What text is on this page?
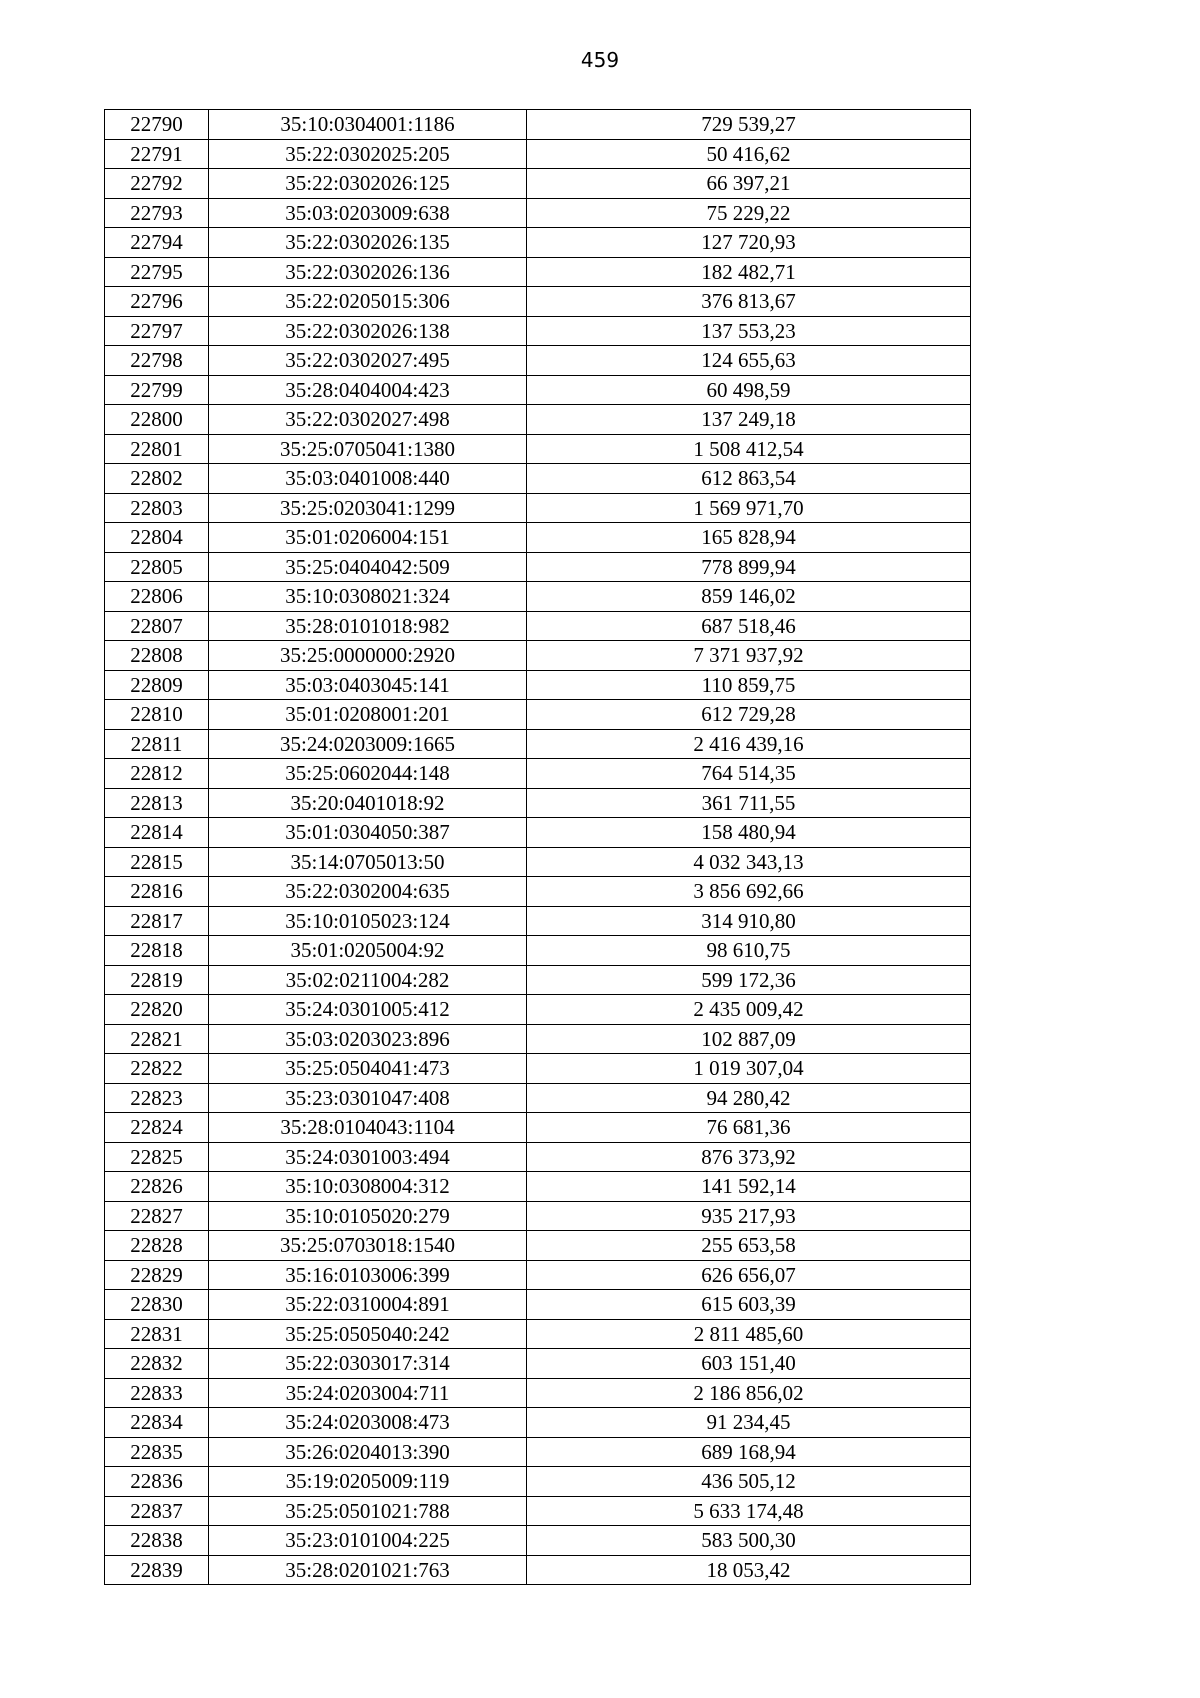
459
22790	35:10:0304001:1186	729 539,27
22791	35:22:0302025:205	50 416,62
22792	35:22:0302026:125	66 397,21
22793	35:03:0203009:638	75 229,22
22794	35:22:0302026:135	127 720,93
22795	35:22:0302026:136	182 482,71
22796	35:22:0205015:306	376 813,67
22797	35:22:0302026:138	137 553,23
22798	35:22:0302027:495	124 655,63
22799	35:28:0404004:423	60 498,59
22800	35:22:0302027:498	137 249,18
22801	35:25:0705041:1380	1 508 412,54
22802	35:03:0401008:440	612 863,54
22803	35:25:0203041:1299	1 569 971,70
22804	35:01:0206004:151	165 828,94
22805	35:25:0404042:509	778 899,94
22806	35:10:0308021:324	859 146,02
22807	35:28:0101018:982	687 518,46
22808	35:25:0000000:2920	7 371 937,92
22809	35:03:0403045:141	110 859,75
22810	35:01:0208001:201	612 729,28
22811	35:24:0203009:1665	2 416 439,16
22812	35:25:0602044:148	764 514,35
22813	35:20:0401018:92	361 711,55
22814	35:01:0304050:387	158 480,94
22815	35:14:0705013:50	4 032 343,13
22816	35:22:0302004:635	3 856 692,66
22817	35:10:0105023:124	314 910,80
22818	35:01:0205004:92	98 610,75
22819	35:02:0211004:282	599 172,36
22820	35:24:0301005:412	2 435 009,42
22821	35:03:0203023:896	102 887,09
22822	35:25:0504041:473	1 019 307,04
22823	35:23:0301047:408	94 280,42
22824	35:28:0104043:1104	76 681,36
22825	35:24:0301003:494	876 373,92
22826	35:10:0308004:312	141 592,14
22827	35:10:0105020:279	935 217,93
22828	35:25:0703018:1540	255 653,58
22829	35:16:0103006:399	626 656,07
22830	35:22:0310004:891	615 603,39
22831	35:25:0505040:242	2 811 485,60
22832	35:22:0303017:314	603 151,40
22833	35:24:0203004:711	2 186 856,02
22834	35:24:0203008:473	91 234,45
22835	35:26:0204013:390	689 168,94
22836	35:19:0205009:119	436 505,12
22837	35:25:0501021:788	5 633 174,48
22838	35:23:0101004:225	583 500,30
22839	35:28:0201021:763	18 053,42
